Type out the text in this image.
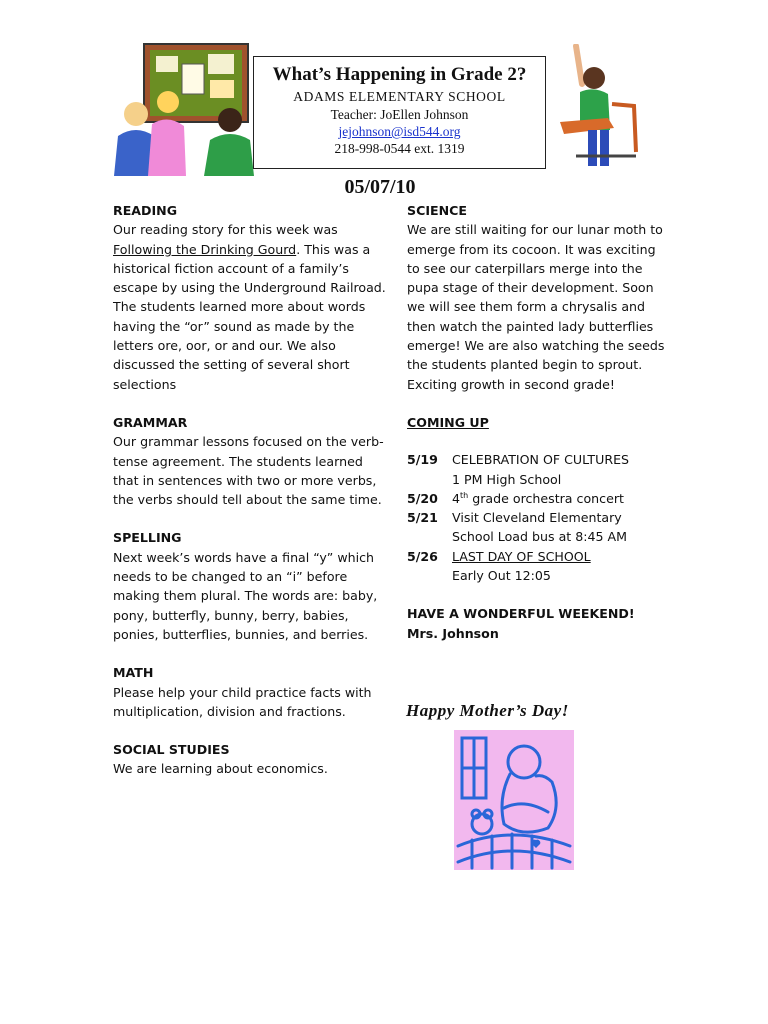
What’s Happening in Grade 2?
ADAMS ELEMENTARY SCHOOL
Teacher: JoEllen Johnson
jejohnson@isd544.org
218-998-0544 ext. 1319
05/07/10
READING
Our reading story for this week was Following the Drinking Gourd. This was a historical fiction account of a family’s escape by using the Underground Railroad. The students learned more about words having the “or” sound as made by the letters ore, oor, or and our. We also discussed the setting of several short selections
GRAMMAR
Our grammar lessons focused on the verb-tense agreement. The students learned that in sentences with two or more verbs, the verbs should tell about the same time.
SPELLING
Next week’s words have a final “y” which needs to be changed to an “i” before making them plural. The words are: baby, pony, butterfly, bunny, berry, babies, ponies, butterflies, bunnies, and berries.
MATH
Please help your child practice facts with multiplication, division and fractions.
SOCIAL STUDIES
We are learning about economics.
SCIENCE
We are still waiting for our lunar moth to emerge from its cocoon. It was exciting to see our caterpillars merge into the pupa stage of their development. Soon we will see them form a chrysalis and then watch the painted lady butterflies emerge! We are also watching the seeds the students planted begin to sprout. Exciting growth in second grade!
COMING UP
5/19	CELEBRATION OF CULTURES
1 PM High School
5/20	4th grade orchestra concert
5/21	Visit Cleveland Elementary
School Load bus at 8:45 AM
5/26	LAST DAY OF SCHOOL
Early Out 12:05
HAVE A WONDERFUL WEEKEND!
Mrs. Johnson
Happy Mother’s Day!
